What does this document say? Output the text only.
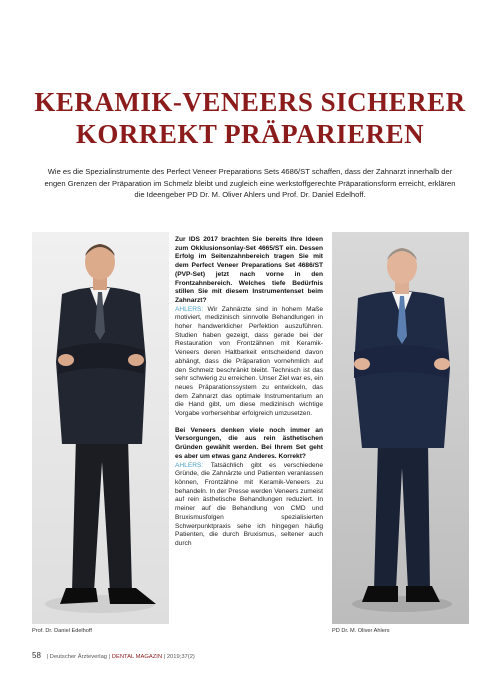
KERAMIK-VENEERS SICHERER
KORREKT PRÄPARIEREN

Wie es die Spezialinstrumente des Perfect Veneer Preparations Sets 4686/ST schaffen, dass der Zahnarzt innerhalb der engen Grenzen der Präparation im Schmelz bleibt und zugleich eine werkstoffgerechte Präparationsform erreicht, erklären die Ideengeber PD Dr. M. Oliver Ahlers und Prof. Dr. Daniel Edelhoff.

Zur IDS 2017 brachten Sie bereits Ihre Ideen zum Okklusionsonlay-Set 4665/ST ein. Dessen Erfolg im Seitenzahnbereich tragen Sie mit dem Perfect Veneer Preparations Set 4686/ST (PVP-Set) jetzt nach vorne in den Frontzahnbereich. Welches tiefe Bedürfnis stillen Sie mit diesem Instrumentenset beim Zahnarzt?

AHLERS: Wir Zahnärzte sind in hohem Maße motiviert, medizinisch sinnvolle Behandlungen in hoher handwerklicher Perfektion auszuführen. Studien haben gezeigt, dass gerade bei der Restauration von Frontzähnen mit Keramik-Veneers deren Haltbarkeit entscheidend davon abhängt, dass die Präparation vornehmlich auf den Schmelz beschränkt bleibt. Technisch ist das sehr schwierig zu erreichen. Unser Ziel war es, ein neues Präparationssystem zu entwickeln, das dem Zahnarzt das optimale Instrumentarium an die Hand gibt, um diese medizinisch wichtige Vorgabe vorhersehbar erfolgreich umzusetzen.

Bei Veneers denken viele noch immer an Versorgungen, die aus rein ästhetischen Gründen gewählt werden. Bei Ihrem Set geht es aber um etwas ganz Anderes. Korrekt?

AHLERS: Tatsächlich gibt es verschiedene Gründe, die Zahnärzte und Patienten veranlassen können, Frontzähne mit Keramik-Veneers zu behandeln. In der Presse werden Veneers zumeist auf rein ästhetische Behandlungen reduziert. In meiner auf die Behandlung von CMD und Bruxismusfolgen spezialisierten Schwerpunktpraxis sehe ich hingegen häufig Patienten, die durch Bruxismus, seltener auch durch

Prof. Dr. Daniel Edelhoff	PD Dr. M. Oliver Ahlers
58 | Deutscher Ärzteverlag | DENTAL MAGAZIN | 2019;37(2)
